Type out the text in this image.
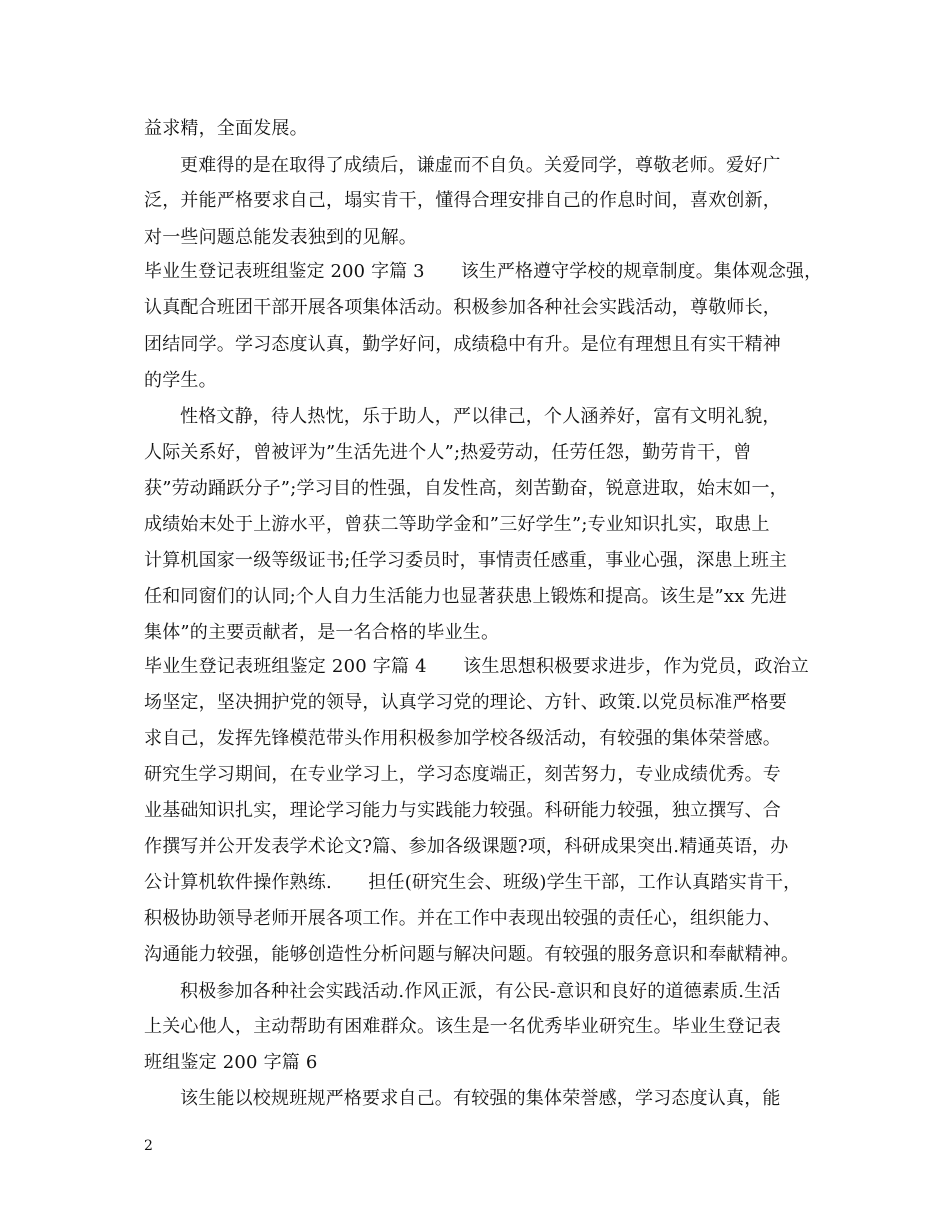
益求精，全面发展。
更难得的是在取得了成绩后，谦虚而不自负。关爱同学，尊敬老师。爱好广
泛，并能严格要求自己，塌实肯干，懂得合理安排自己的作息时间，喜欢创新，
对一些问题总能发表独到的见解。
毕业生登记表班组鉴定 200 字篇 3　　该生严格遵守学校的规章制度。集体观念强，
认真配合班团干部开展各项集体活动。积极参加各种社会实践活动，尊敬师长，
团结同学。学习态度认真，勤学好问，成绩稳中有升。是位有理想且有实干精神
的学生。
性格文静，待人热忱，乐于助人，严以律己，个人涵养好，富有文明礼貌，
人际关系好，曾被评为”生活先进个人”;热爱劳动，任劳任怨，勤劳肯干，曾
获”劳动踊跃分子”;学习目的性强，自发性高，刻苦勤奋，锐意进取，始末如一，
成绩始末处于上游水平，曾获二等助学金和”三好学生”;专业知识扎实，取患上
计算机国家一级等级证书;任学习委员时，事情责任感重，事业心强，深患上班主
任和同窗们的认同;个人自力生活能力也显著获患上锻炼和提高。该生是”xx 先进
集体”的主要贡献者，是一名合格的毕业生。
毕业生登记表班组鉴定 200 字篇 4　　该生思想积极要求进步，作为党员，政治立
场坚定，坚决拥护党的领导，认真学习党的理论、方针、政策.以党员标准严格要
求自己，发挥先锋模范带头作用积极参加学校各级活动，有较强的集体荣誉感。
研究生学习期间，在专业学习上，学习态度端正，刻苦努力，专业成绩优秀。专
业基础知识扎实，理论学习能力与实践能力较强。科研能力较强，独立撰写、合
作撰写并公开发表学术论文?篇、参加各级课题?项，科研成果突出.精通英语，办
公计算机软件操作熟练.　　担任(研究生会、班级)学生干部，工作认真踏实肯干，
积极协助领导老师开展各项工作。并在工作中表现出较强的责任心，组织能力、
沟通能力较强，能够创造性分析问题与解决问题。有较强的服务意识和奉献精神。
积极参加各种社会实践活动.作风正派，有公民-意识和良好的道德素质.生活
上关心他人，主动帮助有困难群众。该生是一名优秀毕业研究生。毕业生登记表
班组鉴定 200 字篇 6
该生能以校规班规严格要求自己。有较强的集体荣誉感，学习态度认真，能
2
